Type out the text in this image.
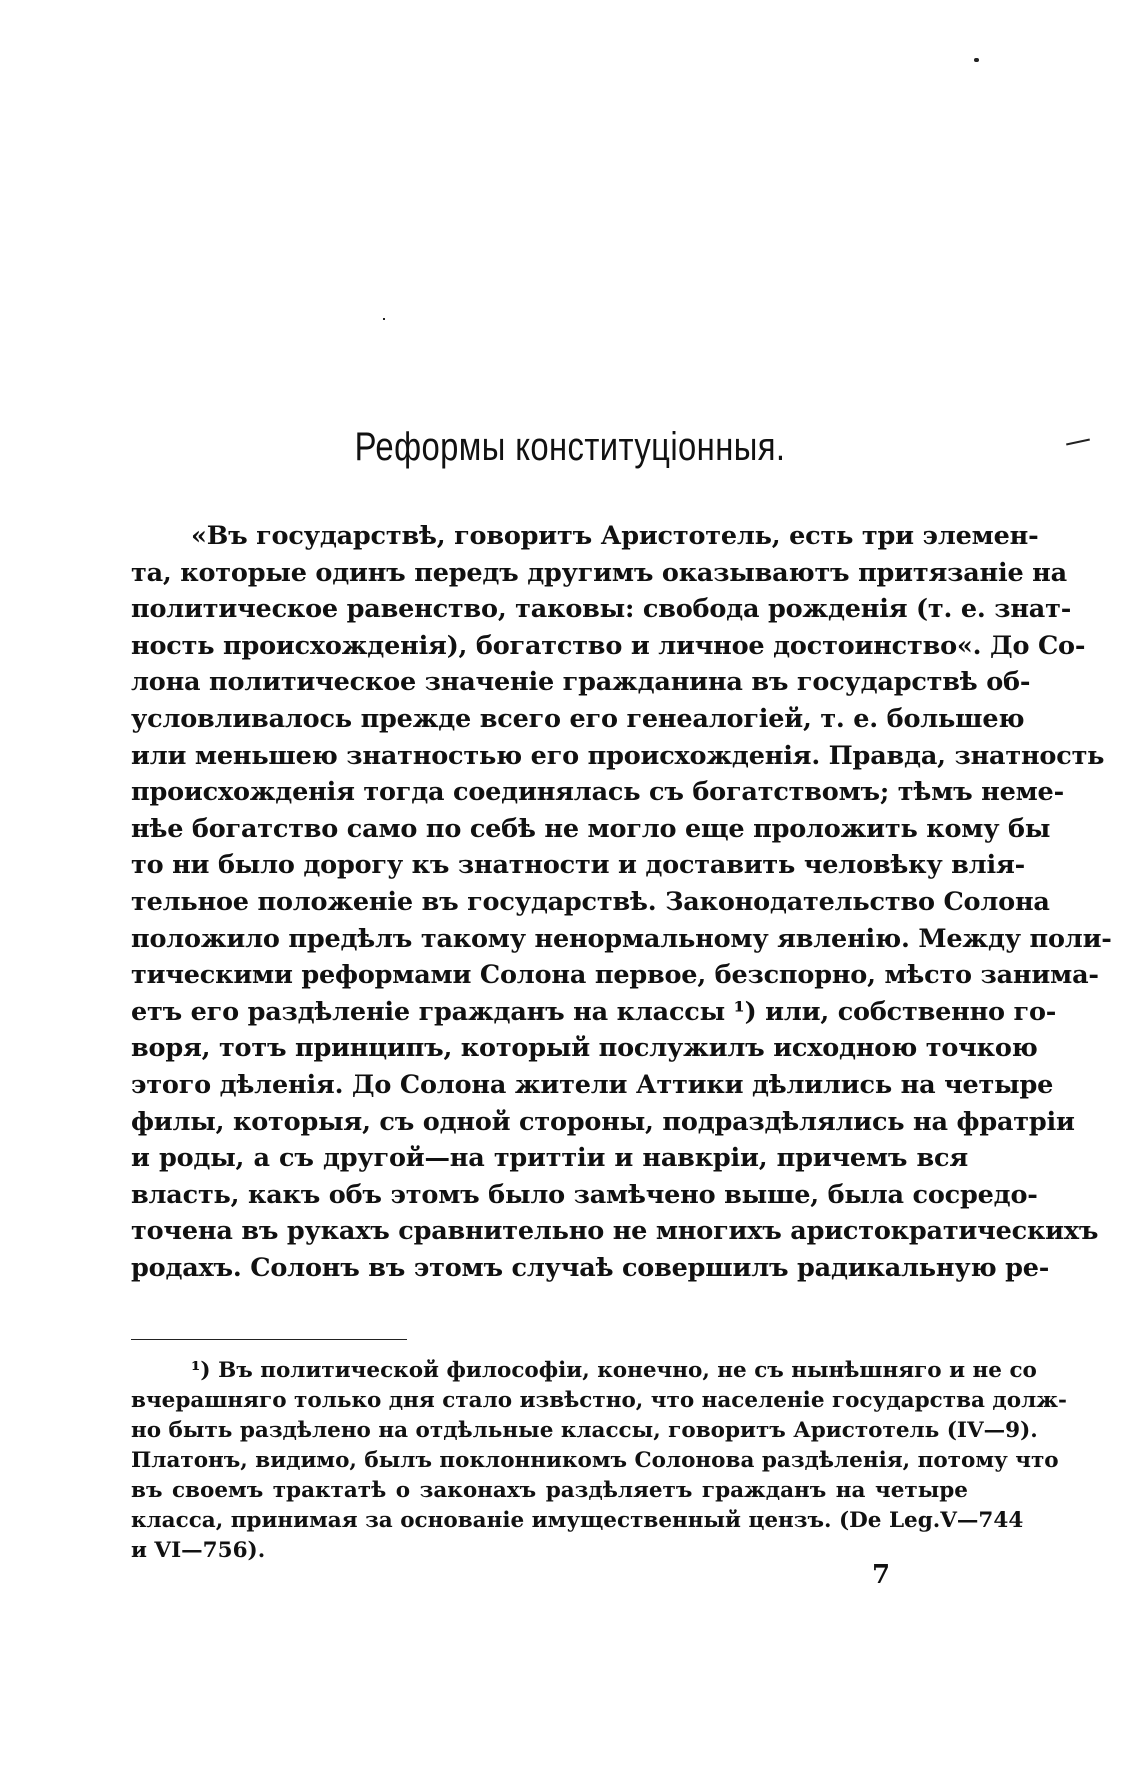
Реформы конституціонныя.
«Въ государствѣ, говоритъ Аристотель, есть три элемен-
та, которые одинъ передъ другимъ оказываютъ притязаніе на
политическое равенство, таковы: свобода рожденія (т. е. знат-
ность происхожденія), богатство и личное достоинство«. До Со-
лона политическое значеніе гражданина въ государствѣ об-
условливалось прежде всего его генеалогіей, т. е. большею
или меньшею знатностью его происхожденія. Правда, знатность
происхожденія тогда соединялась съ богатствомъ; тѣмъ неме-
нѣе богатство само по себѣ не могло еще проложить кому бы
то ни было дорогу къ знатности и доставить человѣку влія-
тельное положеніе въ государствѣ. Законодательство Солона
положило предѣлъ такому ненормальному явленію. Между поли-
тическими реформами Солона первое, безспорно, мѣсто занима-
етъ его раздѣленіе гражданъ на классы ¹) или, собственно го-
воря, тотъ принципъ, который послужилъ исходною точкою
этого дѣленія. До Солона жители Аттики дѣлились на четыре
филы, которыя, съ одной стороны, подраздѣлялись на фратріи
и роды, а съ другой—на триттіи и навкріи, причемъ вся
власть, какъ объ этомъ было замѣчено выше, была сосредо-
точена въ рукахъ сравнительно не многихъ аристократическихъ
родахъ. Солонъ въ этомъ случаѣ совершилъ радикальную ре-
¹) Въ политической философіи, конечно, не съ нынѣшняго и не со
вчерашняго только дня стало извѣстно, что населеніе государства долж-
но быть раздѣлено на отдѣльные классы, говоритъ Аристотель (IV—9).
Платонъ, видимо, былъ поклонникомъ Солонова раздѣленія, потому что
въ своемъ трактатѣ о законахъ раздѣляетъ гражданъ на четыре
класса, принимая за основаніе имущественный цензъ. (De Leg.V—744
и VI—756).
7
